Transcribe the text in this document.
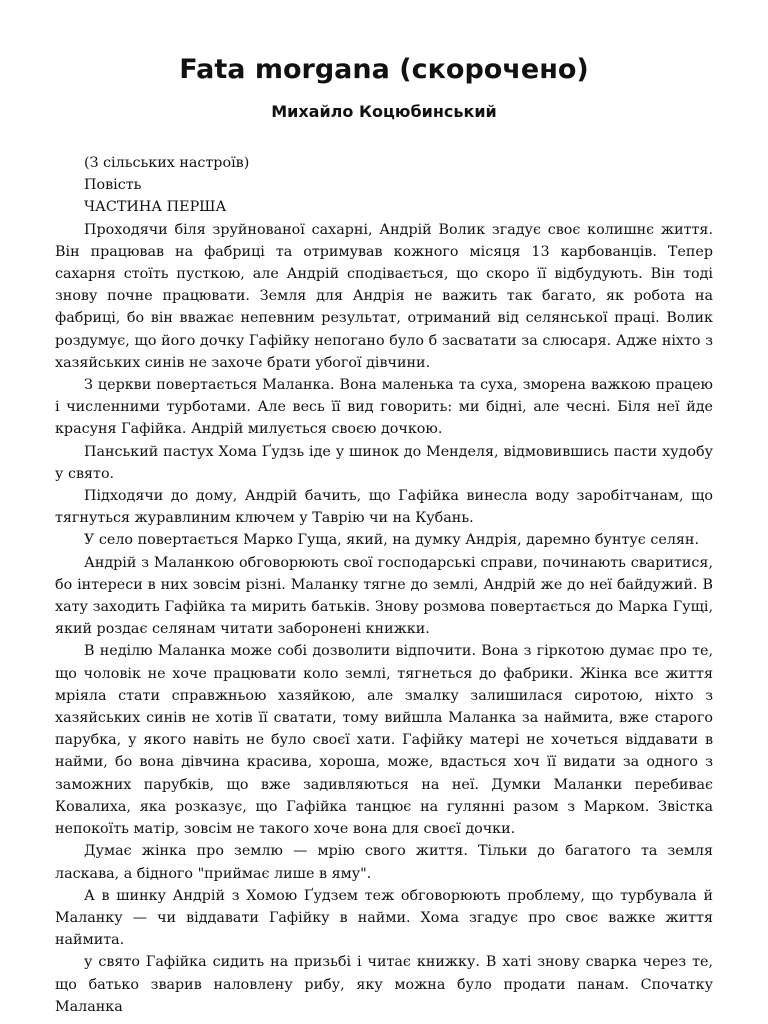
Fata morgana (скорочено)
Михайло Коцюбинський

(З сільських настроїв)

Повість

ЧАСТИНА ПЕРША

Проходячи біля зруйнованої сахарні, Андрій Волик згадує своє колишнє життя. Він працював на фабриці та отримував кожного місяця 13 карбованців. Тепер сахарня стоїть пусткою, але Андрій сподівається, що скоро її відбудують. Він тоді знову почне працювати. Земля для Андрія не важить так багато, як робота на фабриці, бо він вважає непевним результат, отриманий від селянської праці. Волик роздумує, що його дочку Гафійку непогано було б засватати за слюсаря. Адже ніхто з хазяйських синів не захоче брати убогої дівчини.

З церкви повертається Маланка. Вона маленька та суха, зморена важкою працею і численними турботами. Але весь її вид говорить: ми бідні, але чесні. Біля неї йде красуня Гафійка. Андрій милується своєю дочкою.

Панський пастух Хома Ґудзь іде у шинок до Менделя, відмовившись пасти худобу у свято.

Підходячи до дому, Андрій бачить, що Гафійка винесла воду заробітчанам, що тягнуться журавлиним ключем у Таврію чи на Кубань.

У село повертається Марко Гуща, який, на думку Андрія, даремно бунтує селян.

Андрій з Маланкою обговорюють свої господарські справи, починають сваритися, бо інтереси в них зовсім різні. Маланку тягне до землі, Андрій же до неї байдужий. В хату заходить Гафійка та мирить батьків. Знову розмова повертається до Марка Гущі, який роздає селянам читати заборонені книжки.

В неділю Маланка може собі дозволити відпочити. Вона з гіркотою думає про те, що чоловік не хоче працювати коло землі, тягнеться до фабрики. Жінка все життя мріяла стати справжньою хазяйкою, але змалку залишилася сиротою, ніхто з хазяйських синів не хотів її сватати, тому вийшла Маланка за наймита, вже старого парубка, у якого навіть не було своєї хати. Гафійку матері не хочеться віддавати в найми, бо вона дівчина красива, хороша, може, вдасться хоч її видати за одного з заможних парубків, що вже задивляються на неї. Думки Маланки перебиває Ковалиха, яка розказує, що Гафійка танцює на гулянні разом з Марком. Звістка непокоїть матір, зовсім не такого хоче вона для своєї дочки.

Думає жінка про землю — мрію свого життя. Тільки до багатого та земля ласкава, а бідного "приймає лише в яму".

А в шинку Андрій з Хомою Ґудзем теж обговорюють проблему, що турбувала й Маланку — чи віддавати Гафійку в найми. Хома згадує про своє важке життя наймита.

у свято Гафійка сидить на призьбі і читає книжку. В хаті знову сварка через те, що батько зварив наловлену рибу, яку можна було продати панам. Спочатку Маланка
